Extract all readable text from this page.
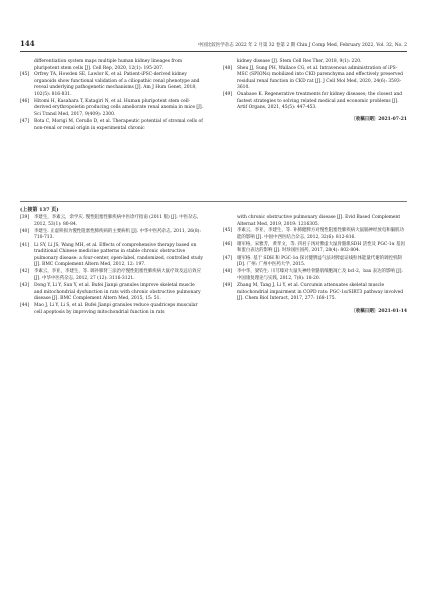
144	中国比较医学杂志 2022 年 2 月第 32 卷第 2 期 Chin J Comp Med, February 2022, Vol. 32, No. 2
differentiation system maps multiple human kidney lineages from pluripotent stem cells [J]. Cell Rep, 2020, 12(1): 195-207.
[45] Orfrey TA, Howden SE, Lawlor K, et al. Patient-iPSC-derived kidney organoids show functional validation of a ciliopathic renal phenotype and reveal underlying pathogenetic mechanisms [J]. Am J Hum Genet, 2018, 102(5): 816-831.
[46] Hitomi H, Kasahara T, Katagiri N, et al. Human pluripotent stem cell-derived erythropoietin producing cells ameliorate renal anemia in mice [J]. Sci Transl Med, 2017, 9(409): 2300.
[47] Rota C, Morigi M, Cerullo D, et al. Therapeutic potential of stromal cells of non-renal or renal origin in experimental chronic
kidney disease [J]. Stem Cell Res Ther, 2018, 9(1): 220.
[48] Sheu JJ, Sung PH, Wallace CG, et al. Intravenous administration of iPS-MSC (SPIONs) mobilized into CKD parenchyma and effectively preserved residual renal function in CKD rat [J]. J Cell Mol Med, 2020, 24(6): 3593-3610.
[49] Ouabaoe K. Regenerative treatments for kidney diseases; the closest and fastest strategies to solving related medical and economic problems [J]. Artif Organs, 2021, 45(5): 447-453.
〔收稿日期〕2021-07-21
(上接第 137 页)
[39] 李建生，李素云，余学庆. 慢性阻塞性肺疾病中医诊疗指南 (2011 版) [J]. 中医杂志, 2012, 53(1): 80-84.
[40] 李建生. 正虚积损为慢性阻塞性肺疾病的主要病机 [J]. 中华中医药杂志, 2011, 26(8): 710-713.
[41] Li SY, Li JS, Wang MH, et al. Effects of comprehensive therapy based on traditional Chinese medicine patterns in stable chronic obstructive pulmonary disease: a four-center, open-label, randomized, controlled study [J]. BMC Complement Altern Med, 2012, 12: 197.
[42] 李素云，李亚，李建生，等. 调补肺肾三法治疗慢性阻塞性肺疾病大鼠疗效及远后效应 [J]. 中华中医药杂志, 2012, 27 (12): 3116-3121.
[43] Dong Y, Li Y, Sun Y, et al. Bufei Jianpi granules improve skeletal muscle and mitochondrial dysfunction in rats with chronic obstructive pulmonary disease [J]. BMC Complement Altern Med, 2015, 15: 51.
[44] Mao J, Li Y, Li S, et al. Bufei Jianpi granules reduce quadriceps muscular cell apoptosis by improving mitochondrial function in rats
with chronic obstructive pulmonary disease [J]. Evid Based Complement Alternat Med, 2019, 2019: 1216305.
[45] 李素云，李亚，李建生，等. 补肺健脾方对慢性阻塞性肺疾病大鼠膈神经放电和膈肌功能的影响 [J]. 中国中西医结合杂志, 2012, 32(6): 812-816.
[46] 谢军格，宋雅芳，黄孝文，等. 四君子汤对脾虚大鼠骨骼肌SDH 活性及 PGC-1α 基因和蛋白表达的影响 [J]. 时珍国医国药, 2017, 28(4): 802-804.
[47] 谢军格. 基于 SDH 和 PGC-1α 探讨健脾益气法对脾虚证线粒体能量代谢的调控机制 [D]. 广州: 广州中医药大学, 2015.
[48] 李中华，梁钧生. 川芎嗪对大鼠失神经骨骼肌细胞凋亡及 bcl-2、bax 表达的影响 [J]. 中国康复理论与实践, 2012, 7(8): 18-20.
[49] Zhang M, Tang J, Li Y, et al. Curcumin attenuates skeletal muscle mitochondrial impairment in COPD rats: PGC-1α/SIRT3 pathway involved [J]. Chem Biol Interact, 2017, 277: 168-175.
〔收稿日期〕2021-01-14
